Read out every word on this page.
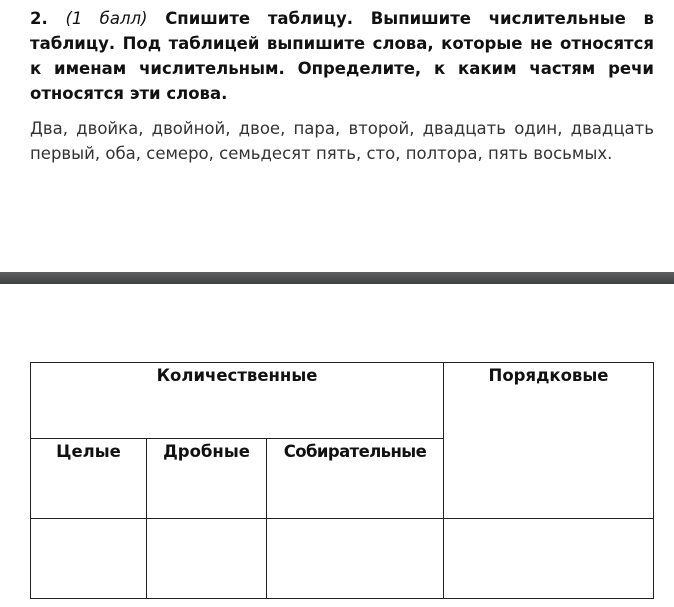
2. (1 балл) Спишите таблицу. Выпишите числительные в таблицу. Под таблицей выпишите слова, которые не относятся к именам числительным. Определите, к каким частям речи относятся эти слова.
Два, двойка, двойной, двое, пара, второй, двадцать один, двадцать первый, оба, семеро, семьдесят пять, сто, полтора, пять восьмых.
Количественные			Порядковые

Целые	Дробные	Собирательные	
